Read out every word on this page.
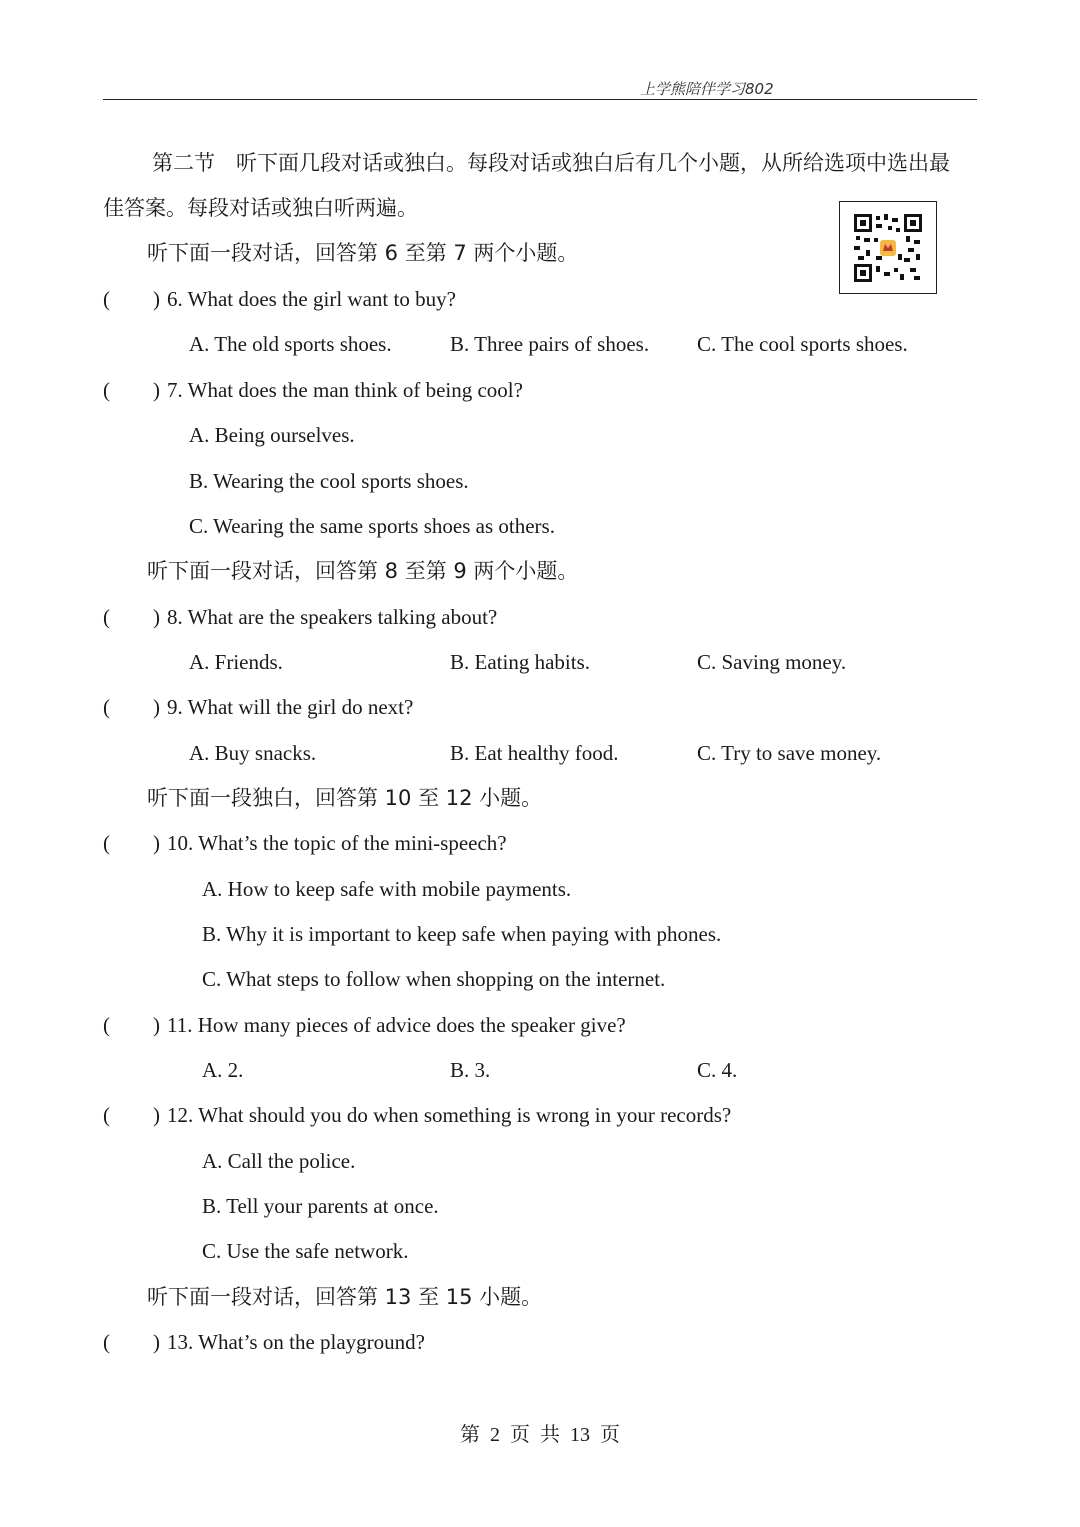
上学熊陪伴学习802
第二节　听下面几段对话或独白。每段对话或独白后有几个小题，从所给选项中选出最
佳答案。每段对话或独白听两遍。
听下面一段对话，回答第 6 至第 7 两个小题。
( ) 6. What does the girl want to buy?
A. The old sports shoes.	B. Three pairs of shoes. C. The cool sports shoes.
( ) 7. What does the man think of being cool?
A. Being ourselves.
B. Wearing the cool sports shoes.
C. Wearing the same sports shoes as others.
听下面一段对话，回答第 8 至第 9 两个小题。
( ) 8. What are the speakers talking about?
A. Friends.	B. Eating habits.	C. Saving money.
( ) 9. What will the girl do next?
A. Buy snacks.	B. Eat healthy food.	C. Try to save money.
听下面一段独白，回答第 10 至 12 小题。
( ) 10. What’s the topic of the mini-speech?
A. How to keep safe with mobile payments.
B. Why it is important to keep safe when paying with phones.
C. What steps to follow when shopping on the internet.
( ) 11. How many pieces of advice does the speaker give?
A. 2.	B. 3.	C. 4.
( ) 12. What should you do when something is wrong in your records?
A. Call the police.
B. Tell your parents at once.
C. Use the safe network.
听下面一段对话，回答第 13 至 15 小题。
( ) 13. What’s on the playground?
第  2  页  共  13  页
